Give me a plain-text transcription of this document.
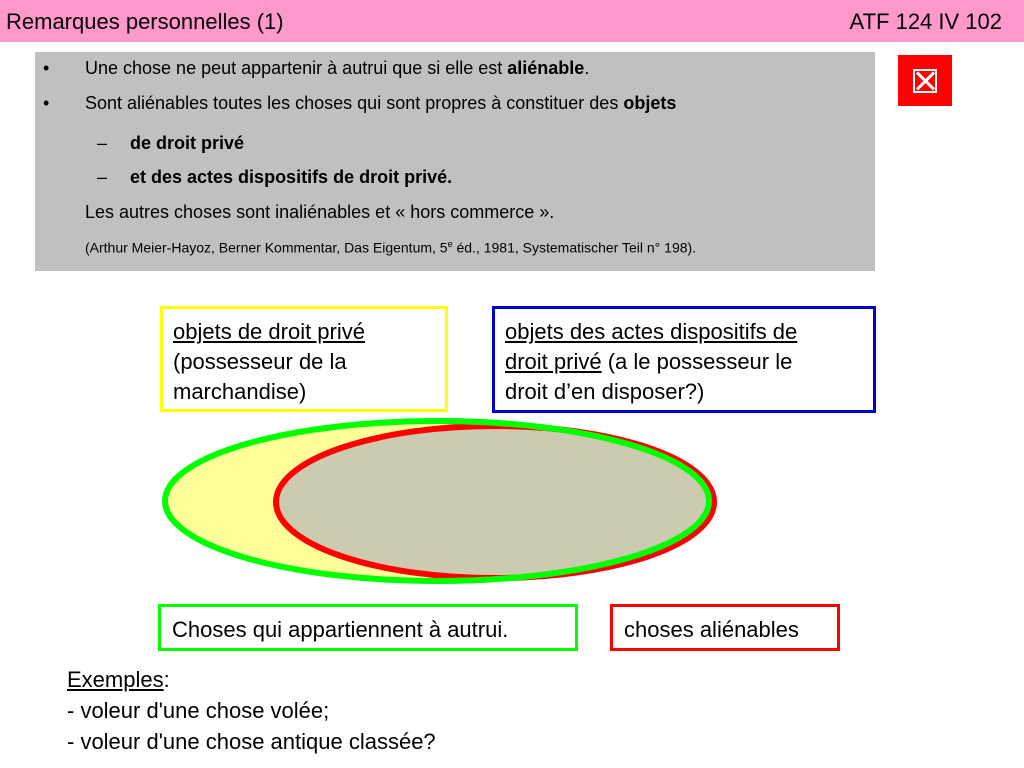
Remarques personnelles (1)	ATF 124 IV 102
• Une chose ne peut appartenir à autrui que si elle est aliénable.
• Sont aliénables toutes les choses qui sont propres à constituer des objets
– de droit privé
– et des actes dispositifs de droit privé.
Les autres choses sont inaliénables et « hors commerce ».
(Arthur Meier-Hayoz, Berner Kommentar, Das Eigentum, 5e éd., 1981, Systematischer Teil n° 198).
objets de droit privé
(possesseur de la marchandise)
objets des actes dispositifs de
droit privé (a le possesseur le
droit d’en disposer?)
Choses qui appartiennent à autrui.	choses aliénables
Exemples:
- voleur d'une chose volée;
- voleur d'une chose antique classée?
